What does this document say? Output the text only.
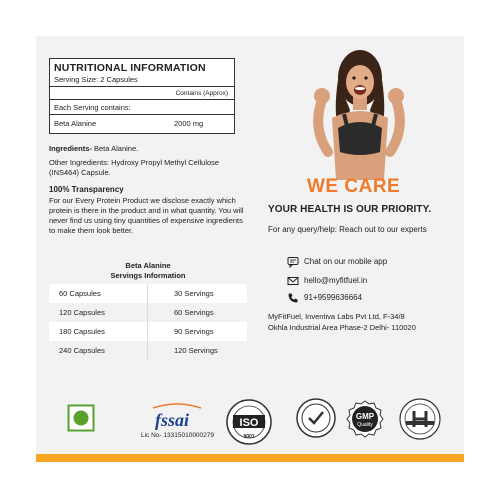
NUTRITIONAL INFORMATION
Serving Size: 2 Capsules
Contains (Approx)
Each Serving contains:
Beta Alanine	2000 mg
Ingredients- Beta Alanine.
Other Ingredients: Hydroxy Propyl Methyl Cellulose (INS464) Capsule.
100% Transparency
For our Every Protein Product we disclose exactly which protein is there in the product and in what quantity. You will never find us using tiny quantities of expensive ingredients to make them look better.
Beta Alanine
Servings Information
60 Capsules	30 Servings
120 Capsules	60 Servings
180 Capsules	90 Servings
240 Capsules	120 Servings
WE CARE
YOUR HEALTH IS OUR PRIORITY.
For any query/help: Reach out to our experts
Chat on our mobile app
hello@myfitfuel.in
91+9599636664
MyFitFuel, Inventiva Labs Pvt Ltd, F-34/8
Okhla Industrial Area Phase-2 Delhi- 110020
fssai
Lic No- 13315010000279
ISO
9001
GMP
Quality
